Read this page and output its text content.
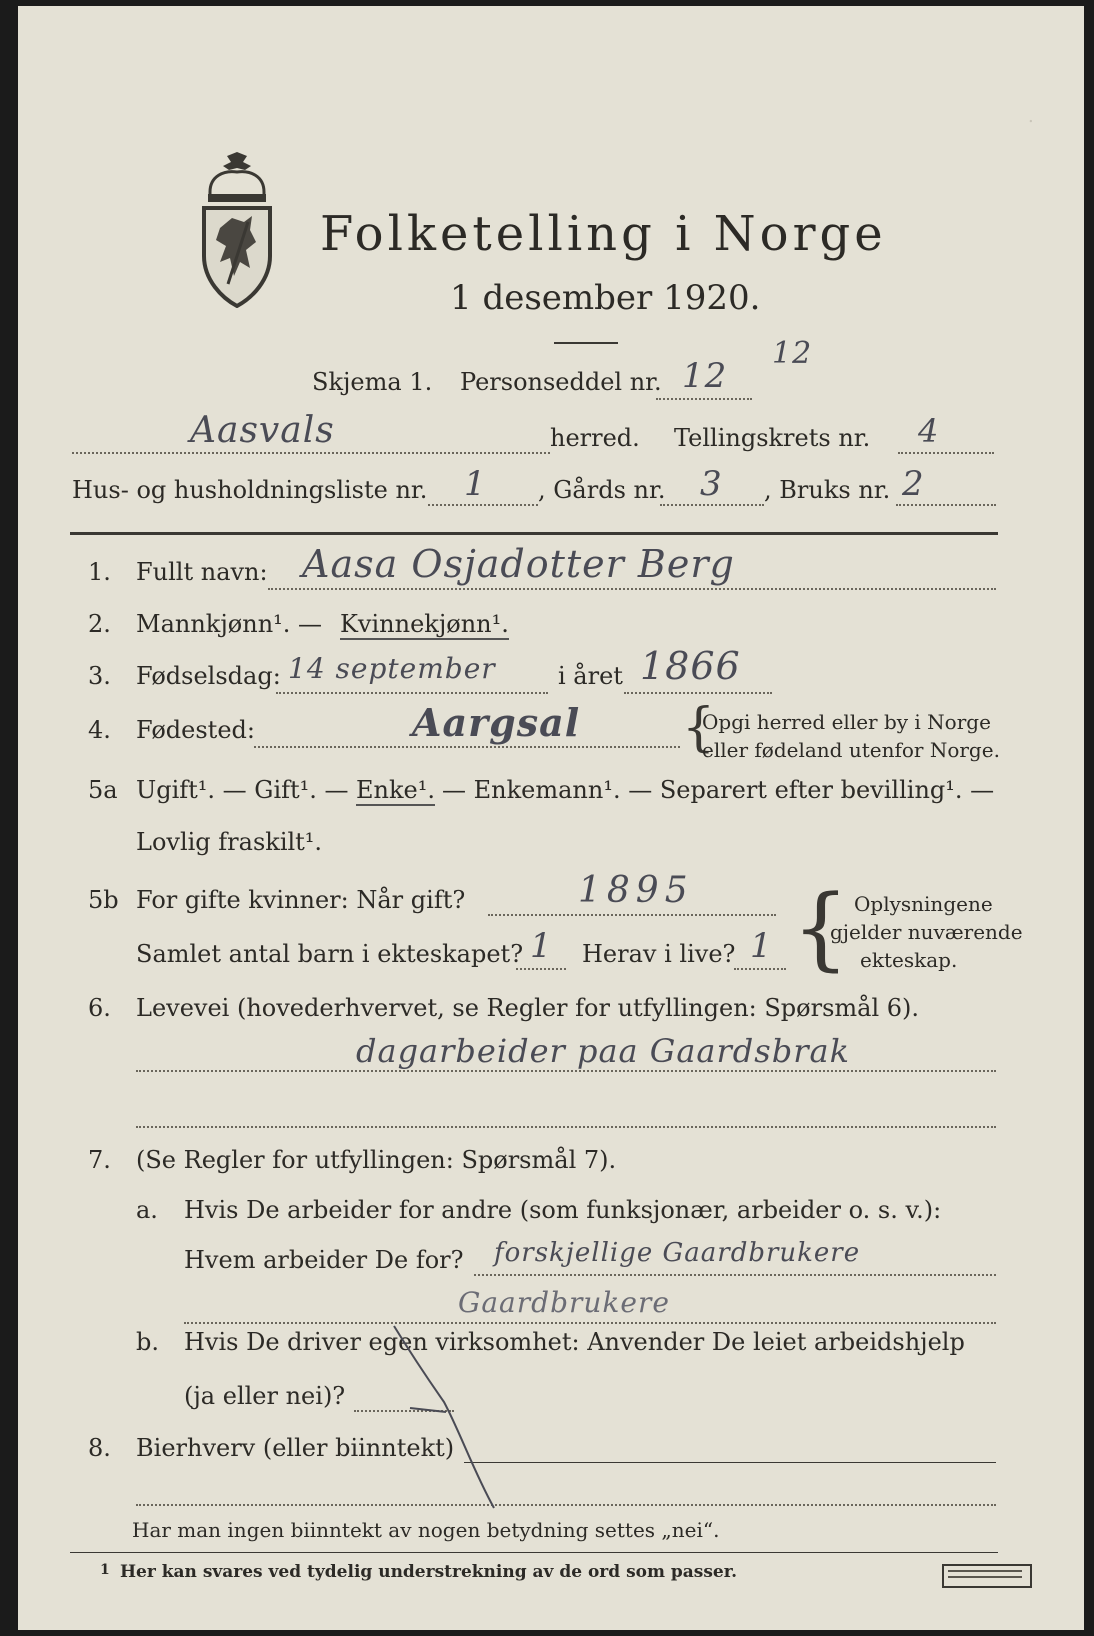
Folketelling i Norge
1 desember 1920.
.
Skjema 1. Personseddel nr. 12
12
Aasvals	herred. Tellingskrets nr. 4
Hus- og husholdningsliste nr. 1 , Gårds nr. 3 , Bruks nr. 2
1. Fullt navn: Aasa Osjadotter Berg
2. Mannkjønn¹. — Kvinnekjønn¹.
3. Fødselsdag: 14 september	i året 1866
4. Fødested:	Aargsal {
Opgi herred eller by i Norge
eller fødeland utenfor Norge.
5a Ugift¹. — Gift¹. — Enke¹. — Enkemann¹. — Separert efter bevilling¹. —
Lovlig fraskilt¹.
5b For gifte kvinner: Når gift?	1895
Samlet antal barn i ekteskapet? 1 Herav i live? 1 { Oplysningene
gjelder nuværende
ekteskap.
6. Levevei (hovederhvervet, se Regler for utfyllingen: Spørsmål 6).
dagarbeider paa Gaardsbrak
7. (Se Regler for utfyllingen: Spørsmål 7).
a. Hvis De arbeider for andre (som funksjonær, arbeider o. s. v.):
Hvem arbeider De for? forskjellige Gaardbrukere
Gaardbrukere
b. Hvis De driver egen virksomhet: Anvender De leiet arbeidshjelp
(ja eller nei)?
8. Bierhverv (eller biinntekt)
Har man ingen biinntekt av nogen betydning settes „nei“.
1 Her kan svares ved tydelig understrekning av de ord som passer.
